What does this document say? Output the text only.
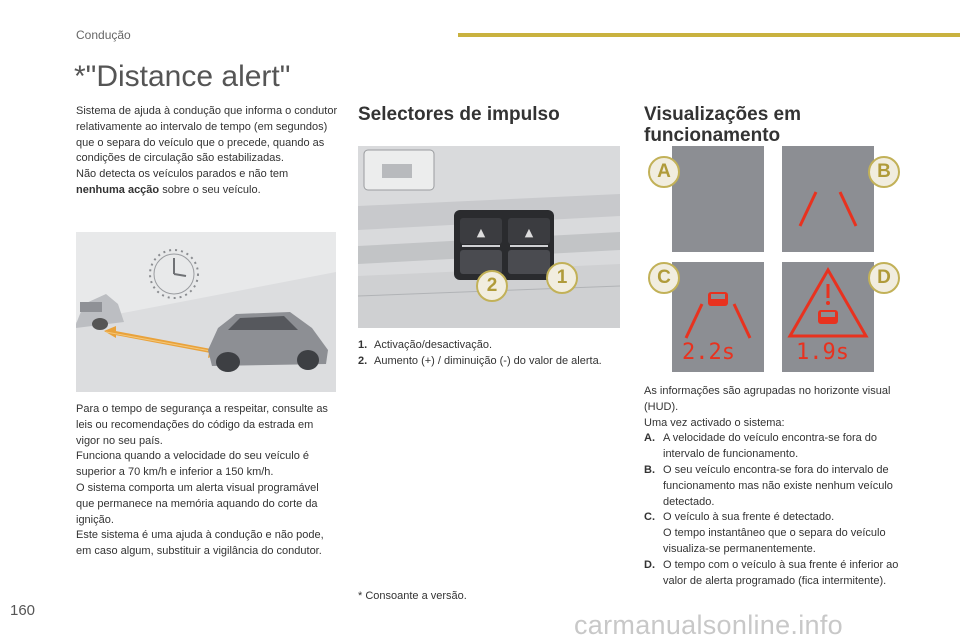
Condução
*"Distance alert"
Sistema de ajuda à condução que informa o condutor relativamente ao intervalo de tempo (em segundos) que o separa do veículo que o precede, quando as condições de circulação são estabilizadas.
Não detecta os veículos parados e não tem nenhuma acção sobre o seu veículo.
Para o tempo de segurança a respeitar, consulte as leis ou recomendações do código da estrada em vigor no seu país.
Funciona quando a velocidade do seu veículo é superior a 70 km/h e inferior a 150 km/h.
O sistema comporta um alerta visual programável que permanece na memória aquando do corte da ignição.
Este sistema é uma ajuda à condução e não pode, em caso algum, substituir a vigilância do condutor.
Selectores de impulso
▲	▲
2	1
1. Activação/desactivação.
2. Aumento (+) / diminuição (-) do valor de alerta.
* Consoante a versão.
Visualizações em funcionamento
A	B
2.2s
C
1.9s
D
As informações são agrupadas no horizonte visual (HUD).
Uma vez activado o sistema:
A. A velocidade do veículo encontra-se fora do intervalo de funcionamento.
B. O seu veículo encontra-se fora do intervalo de funcionamento mas não existe nenhum veículo detectado.
C. O veículo à sua frente é detectado.
O tempo instantâneo que o separa do veículo visualiza-se permanentemente.
D. O tempo com o veículo à sua frente é inferior ao valor de alerta programado (fica intermitente).
160	carmanualsonline.info
